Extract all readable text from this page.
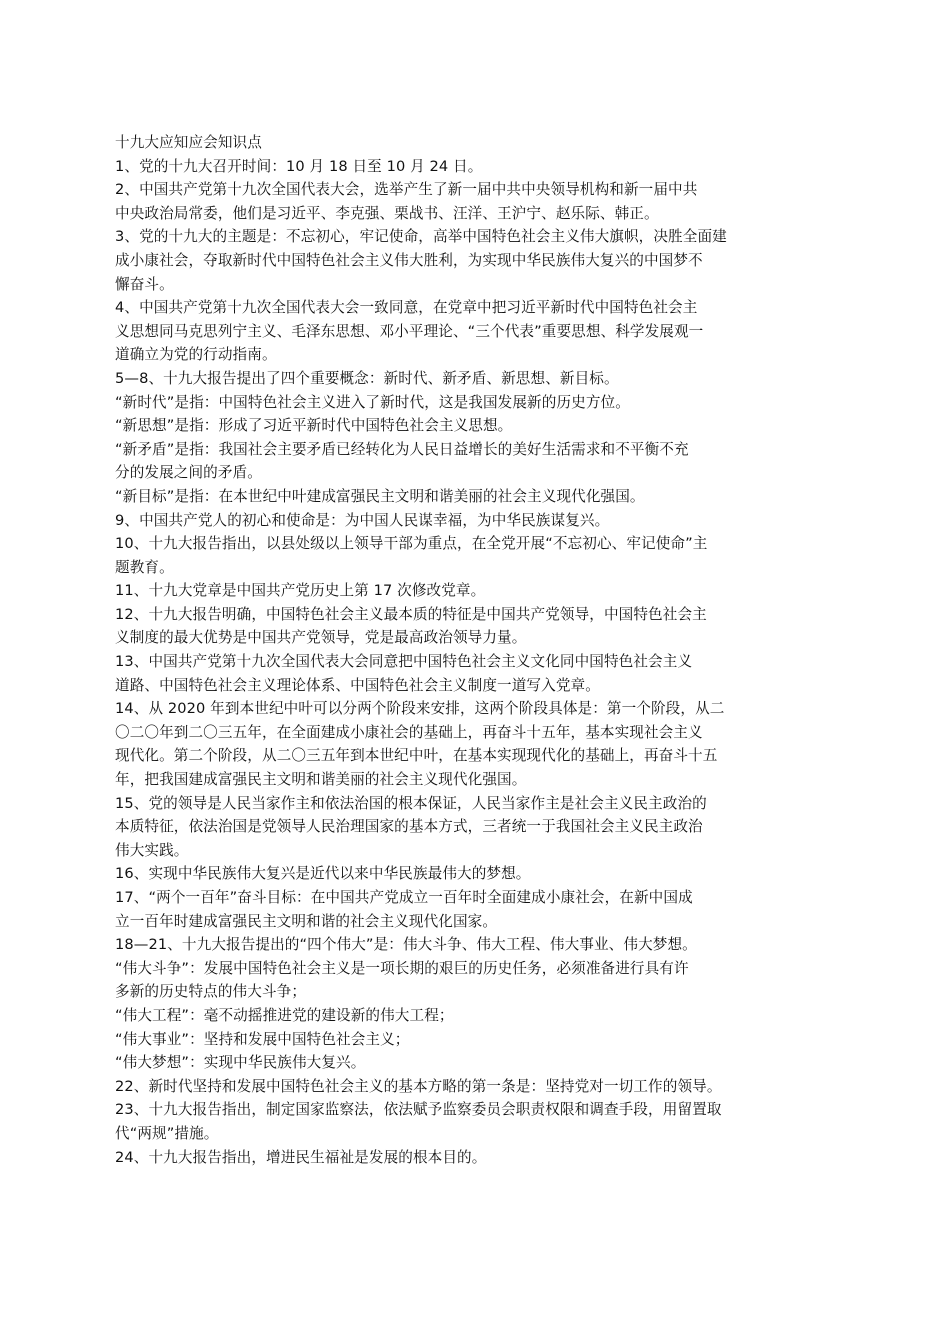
十九大应知应会知识点
1、党的十九大召开时间：10 月 18 日至 10 月 24 日。
2、中国共产党第十九次全国代表大会，选举产生了新一届中共中央领导机构和新一届中共
中央政治局常委，他们是习近平、李克强、栗战书、汪洋、王沪宁、赵乐际、韩正。
3、党的十九大的主题是：不忘初心，牢记使命，高举中国特色社会主义伟大旗帜，决胜全面建
成小康社会，夺取新时代中国特色社会主义伟大胜利，为实现中华民族伟大复兴的中国梦不
懈奋斗。
4、中国共产党第十九次全国代表大会一致同意，在党章中把习近平新时代中国特色社会主
义思想同马克思列宁主义、毛泽东思想、邓小平理论、“三个代表”重要思想、科学发展观一
道确立为党的行动指南。
5—8、十九大报告提出了四个重要概念：新时代、新矛盾、新思想、新目标。
“新时代”是指：中国特色社会主义进入了新时代，这是我国发展新的历史方位。
“新思想”是指：形成了习近平新时代中国特色社会主义思想。
“新矛盾”是指：我国社会主要矛盾已经转化为人民日益增长的美好生活需求和不平衡不充
分的发展之间的矛盾。
“新目标”是指：在本世纪中叶建成富强民主文明和谐美丽的社会主义现代化强国。
9、中国共产党人的初心和使命是：为中国人民谋幸福，为中华民族谋复兴。
10、十九大报告指出，以县处级以上领导干部为重点，在全党开展“不忘初心、牢记使命”主
题教育。
11、十九大党章是中国共产党历史上第 17 次修改党章。
12、十九大报告明确，中国特色社会主义最本质的特征是中国共产党领导，中国特色社会主
义制度的最大优势是中国共产党领导，党是最高政治领导力量。
13、中国共产党第十九次全国代表大会同意把中国特色社会主义文化同中国特色社会主义
道路、中国特色社会主义理论体系、中国特色社会主义制度一道写入党章。
14、从 2020 年到本世纪中叶可以分两个阶段来安排，这两个阶段具体是：第一个阶段，从二
〇二〇年到二〇三五年，在全面建成小康社会的基础上，再奋斗十五年，基本实现社会主义
现代化。第二个阶段，从二〇三五年到本世纪中叶，在基本实现现代化的基础上，再奋斗十五
年，把我国建成富强民主文明和谐美丽的社会主义现代化强国。
15、党的领导是人民当家作主和依法治国的根本保证，人民当家作主是社会主义民主政治的
本质特征，依法治国是党领导人民治理国家的基本方式，三者统一于我国社会主义民主政治
伟大实践。
16、实现中华民族伟大复兴是近代以来中华民族最伟大的梦想。
17、“两个一百年”奋斗目标：在中国共产党成立一百年时全面建成小康社会，在新中国成
立一百年时建成富强民主文明和谐的社会主义现代化国家。
18—21、十九大报告提出的“四个伟大”是：伟大斗争、伟大工程、伟大事业、伟大梦想。
“伟大斗争”：发展中国特色社会主义是一项长期的艰巨的历史任务，必须准备进行具有许
多新的历史特点的伟大斗争；
“伟大工程”：毫不动摇推进党的建设新的伟大工程；
“伟大事业”：坚持和发展中国特色社会主义；
“伟大梦想”：实现中华民族伟大复兴。
22、新时代坚持和发展中国特色社会主义的基本方略的第一条是：坚持党对一切工作的领导。
23、十九大报告指出，制定国家监察法，依法赋予监察委员会职责权限和调查手段，用留置取
代“两规”措施。
24、十九大报告指出，增进民生福祉是发展的根本目的。
